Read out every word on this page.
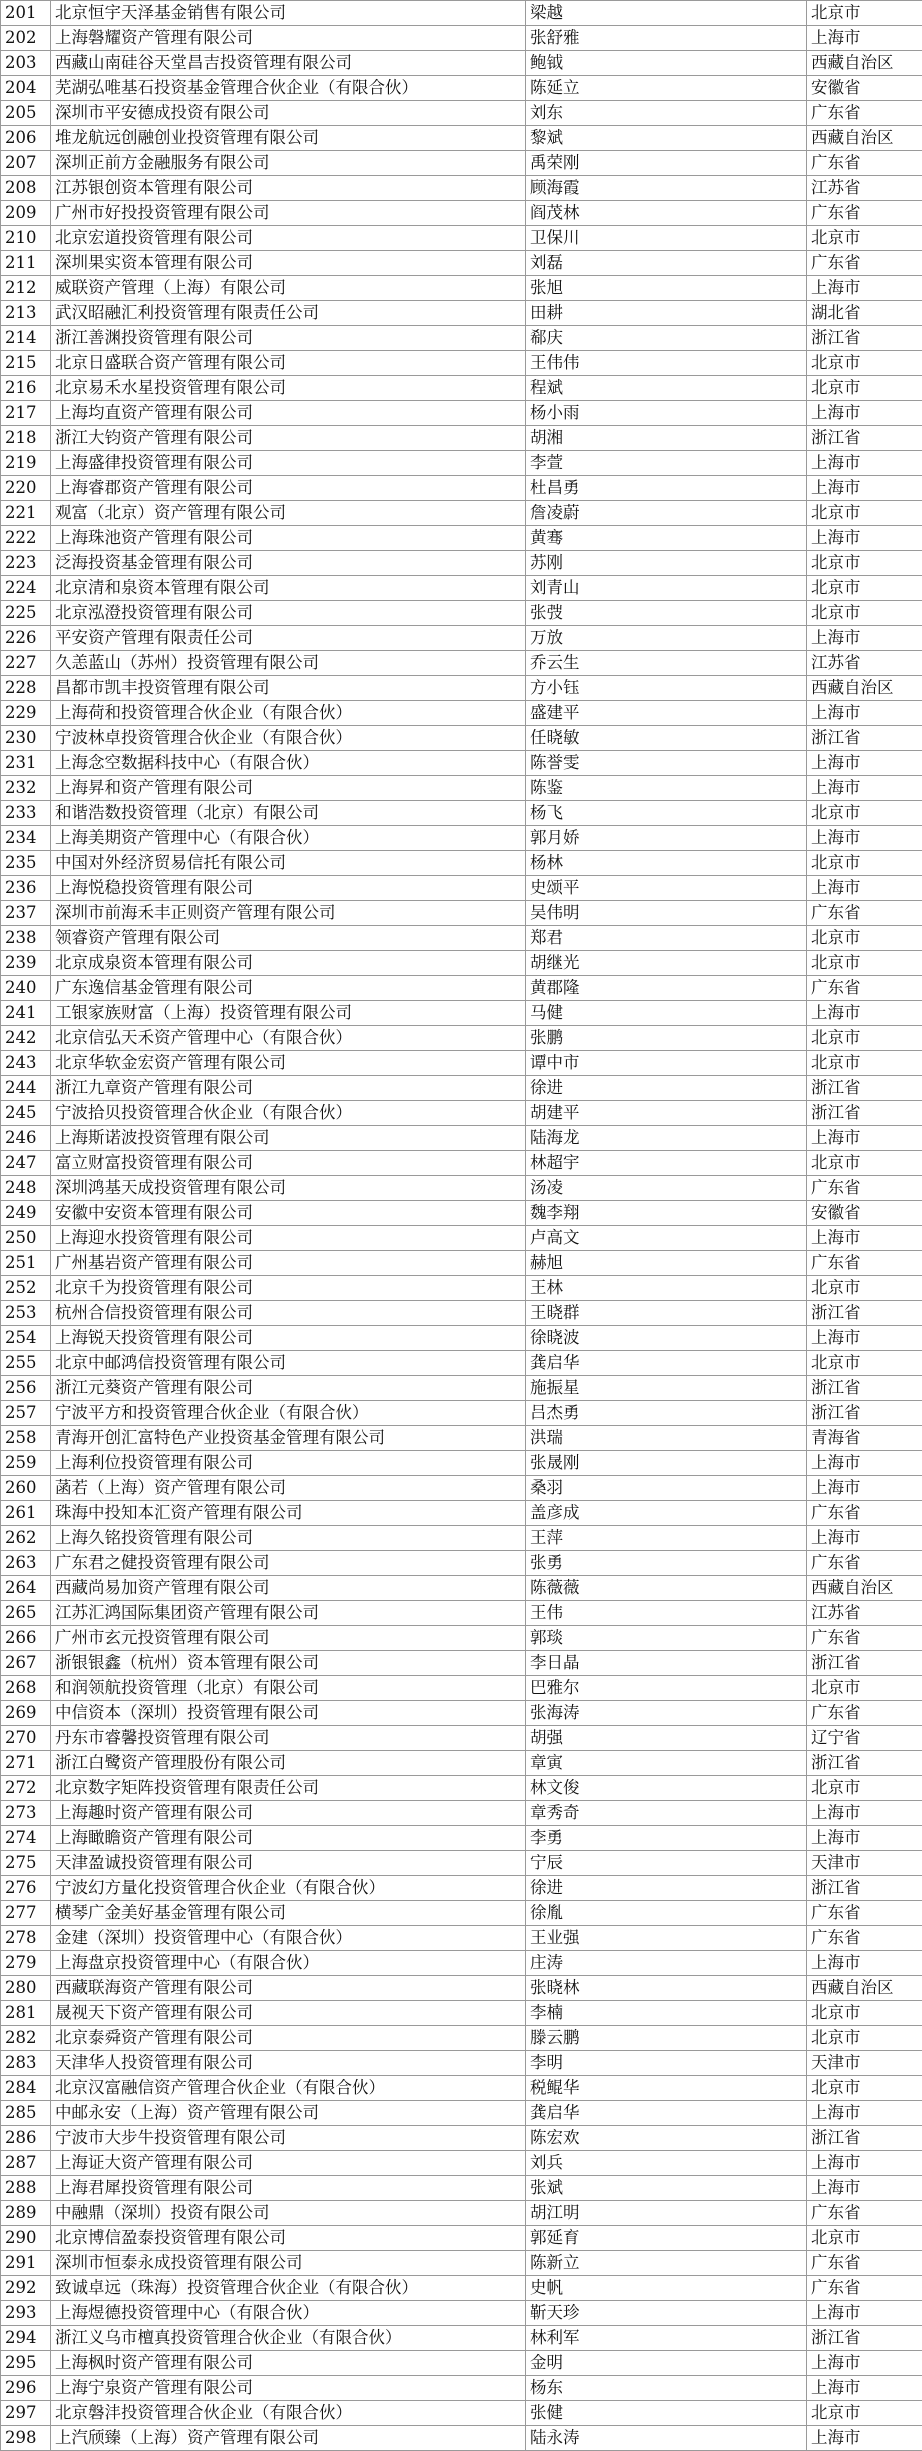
201	北京恒宇天泽基金销售有限公司	梁越	北京市
202	上海磐耀资产管理有限公司	张舒雅	上海市
203	西藏山南硅谷天堂昌吉投资管理有限公司	鲍钺	西藏自治区
204	芜湖弘唯基石投资基金管理合伙企业（有限合伙）	陈延立	安徽省
205	深圳市平安德成投资有限公司	刘东	广东省
206	堆龙航远创融创业投资管理有限公司	黎斌	西藏自治区
207	深圳正前方金融服务有限公司	禹荣刚	广东省
208	江苏银创资本管理有限公司	顾海霞	江苏省
209	广州市好投投资管理有限公司	阎茂林	广东省
210	北京宏道投资管理有限公司	卫保川	北京市
211	深圳果实资本管理有限公司	刘磊	广东省
212	威联资产管理（上海）有限公司	张旭	上海市
213	武汉昭融汇利投资管理有限责任公司	田耕	湖北省
214	浙江善渊投资管理有限公司	郗庆	浙江省
215	北京日盛联合资产管理有限公司	王伟伟	北京市
216	北京易禾水星投资管理有限公司	程斌	北京市
217	上海均直资产管理有限公司	杨小雨	上海市
218	浙江大钧资产管理有限公司	胡湘	浙江省
219	上海盛律投资管理有限公司	李萱	上海市
220	上海睿郡资产管理有限公司	杜昌勇	上海市
221	观富（北京）资产管理有限公司	詹凌蔚	北京市
222	上海珠池资产管理有限公司	黄骞	上海市
223	泛海投资基金管理有限公司	苏刚	北京市
224	北京清和泉资本管理有限公司	刘青山	北京市
225	北京泓澄投资管理有限公司	张弢	北京市
226	平安资产管理有限责任公司	万放	上海市
227	久恙蓝山（苏州）投资管理有限公司	乔云生	江苏省
228	昌都市凯丰投资管理有限公司	方小钰	西藏自治区
229	上海荷和投资管理合伙企业（有限合伙）	盛建平	上海市
230	宁波林卓投资管理合伙企业（有限合伙）	任晓敏	浙江省
231	上海念空数据科技中心（有限合伙）	陈誉雯	上海市
232	上海昇和资产管理有限公司	陈鉴	上海市
233	和谐浩数投资管理（北京）有限公司	杨飞	北京市
234	上海美期资产管理中心（有限合伙）	郭月娇	上海市
235	中国对外经济贸易信托有限公司	杨林	北京市
236	上海悦稳投资管理有限公司	史颂平	上海市
237	深圳市前海禾丰正则资产管理有限公司	吴伟明	广东省
238	领睿资产管理有限公司	郑君	北京市
239	北京成泉资本管理有限公司	胡继光	北京市
240	广东逸信基金管理有限公司	黄郡隆	广东省
241	工银家族财富（上海）投资管理有限公司	马健	上海市
242	北京信弘天禾资产管理中心（有限合伙）	张鹏	北京市
243	北京华软金宏资产管理有限公司	谭中市	北京市
244	浙江九章资产管理有限公司	徐进	浙江省
245	宁波拾贝投资管理合伙企业（有限合伙）	胡建平	浙江省
246	上海斯诺波投资管理有限公司	陆海龙	上海市
247	富立财富投资管理有限公司	林超宇	北京市
248	深圳鸿基天成投资管理有限公司	汤凌	广东省
249	安徽中安资本管理有限公司	魏李翔	安徽省
250	上海迎水投资管理有限公司	卢高文	上海市
251	广州基岩资产管理有限公司	赫旭	广东省
252	北京千为投资管理有限公司	王林	北京市
253	杭州合信投资管理有限公司	王晓群	浙江省
254	上海锐天投资管理有限公司	徐晓波	上海市
255	北京中邮鸿信投资管理有限公司	龚启华	北京市
256	浙江元葵资产管理有限公司	施振星	浙江省
257	宁波平方和投资管理合伙企业（有限合伙）	吕杰勇	浙江省
258	青海开创汇富特色产业投资基金管理有限公司	洪瑞	青海省
259	上海利位投资管理有限公司	张晟刚	上海市
260	菡若（上海）资产管理有限公司	桑羽	上海市
261	珠海中投知本汇资产管理有限公司	盖彦成	广东省
262	上海久铭投资管理有限公司	王萍	上海市
263	广东君之健投资管理有限公司	张勇	广东省
264	西藏尚易加资产管理有限公司	陈薇薇	西藏自治区
265	江苏汇鸿国际集团资产管理有限公司	王伟	江苏省
266	广州市玄元投资管理有限公司	郭琰	广东省
267	浙银银鑫（杭州）资本管理有限公司	李日晶	浙江省
268	和润领航投资管理（北京）有限公司	巴雅尔	北京市
269	中信资本（深圳）投资管理有限公司	张海涛	广东省
270	丹东市睿馨投资管理有限公司	胡强	辽宁省
271	浙江白鹭资产管理股份有限公司	章寅	浙江省
272	北京数字矩阵投资管理有限责任公司	林文俊	北京市
273	上海趣时资产管理有限公司	章秀奇	上海市
274	上海瞰瞻资产管理有限公司	李勇	上海市
275	天津盈诚投资管理有限公司	宁辰	天津市
276	宁波幻方量化投资管理合伙企业（有限合伙）	徐进	浙江省
277	横琴广金美好基金管理有限公司	徐胤	广东省
278	金建（深圳）投资管理中心（有限合伙）	王业强	广东省
279	上海盘京投资管理中心（有限合伙）	庄涛	上海市
280	西藏联海资产管理有限公司	张晓林	西藏自治区
281	晟视天下资产管理有限公司	李楠	北京市
282	北京泰舜资产管理有限公司	滕云鹏	北京市
283	天津华人投资管理有限公司	李明	天津市
284	北京汉富融信资产管理合伙企业（有限合伙）	税鲲华	北京市
285	中邮永安（上海）资产管理有限公司	龚启华	上海市
286	宁波市大步牛投资管理有限公司	陈宏欢	浙江省
287	上海证大资产管理有限公司	刘兵	上海市
288	上海君犀投资管理有限公司	张斌	上海市
289	中融鼎（深圳）投资有限公司	胡江明	广东省
290	北京博信盈泰投资管理有限公司	郭延育	北京市
291	深圳市恒泰永成投资管理有限公司	陈新立	广东省
292	致诚卓远（珠海）投资管理合伙企业（有限合伙）	史帆	广东省
293	上海煜德投资管理中心（有限合伙）	靳天珍	上海市
294	浙江义乌市檀真投资管理合伙企业（有限合伙）	林利军	浙江省
295	上海枫时资产管理有限公司	金明	上海市
296	上海宁泉资产管理有限公司	杨东	上海市
297	北京磐沣投资管理合伙企业（有限合伙）	张健	北京市
298	上汽颀臻（上海）资产管理有限公司	陆永涛	上海市
